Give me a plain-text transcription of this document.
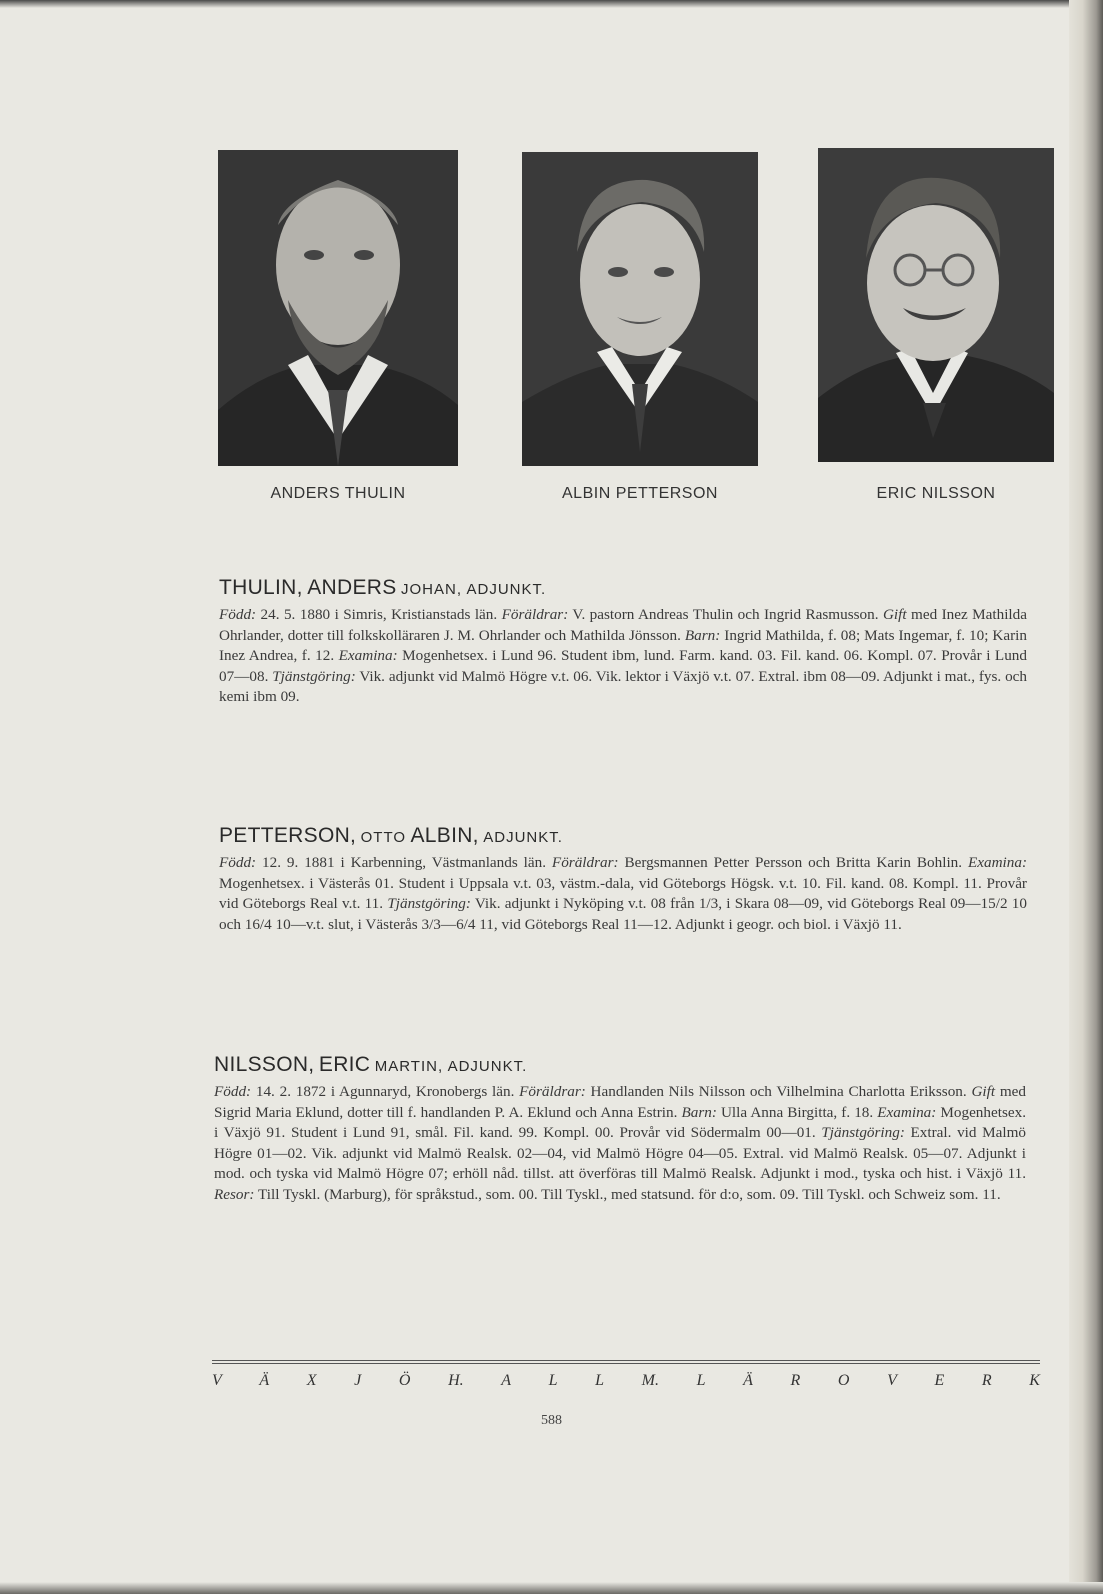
ANDERS THULIN	ALBIN PETTERSON	ERIC NILSSON
THULIN, ANDERS JOHAN, ADJUNKT.
Född: 24. 5. 1880 i Simris, Kristianstads län. Föräldrar: V. pastorn Andreas Thulin och Ingrid Rasmusson. Gift med Inez Mathilda Ohrlander, dotter till folkskolläraren J. M. Ohrlander och Mathilda Jönsson. Barn: Ingrid Mathilda, f. 08; Mats Ingemar, f. 10; Karin Inez Andrea, f. 12. Examina: Mogenhetsex. i Lund 96. Student ibm, lund. Farm. kand. 03. Fil. kand. 06. Kompl. 07. Provår i Lund 07—08. Tjänstgöring: Vik. adjunkt vid Malmö Högre v.t. 06. Vik. lektor i Växjö v.t. 07. Extral. ibm 08—09. Adjunkt i mat., fys. och kemi ibm 09.
PETTERSON, OTTO ALBIN, ADJUNKT.
Född: 12. 9. 1881 i Karbenning, Västmanlands län. Föräldrar: Bergsmannen Petter Persson och Britta Karin Bohlin. Examina: Mogenhetsex. i Västerås 01. Student i Uppsala v.t. 03, västm.-dala, vid Göteborgs Högsk. v.t. 10. Fil. kand. 08. Kompl. 11. Provår vid Göteborgs Real v.t. 11. Tjänstgöring: Vik. adjunkt i Nyköping v.t. 08 från 1/3, i Skara 08—09, vid Göteborgs Real 09—15/2 10 och 16/4 10—v.t. slut, i Västerås 3/3—6/4 11, vid Göteborgs Real 11—12. Adjunkt i geogr. och biol. i Växjö 11.
NILSSON, ERIC MARTIN, ADJUNKT.
Född: 14. 2. 1872 i Agunnaryd, Kronobergs län. Föräldrar: Handlanden Nils Nilsson och Vilhelmina Charlotta Eriksson. Gift med Sigrid Maria Eklund, dotter till f. handlanden P. A. Eklund och Anna Estrin. Barn: Ulla Anna Birgitta, f. 18. Examina: Mogenhetsex. i Växjö 91. Student i Lund 91, smål. Fil. kand. 99. Kompl. 00. Provår vid Södermalm 00—01. Tjänstgöring: Extral. vid Malmö Högre 01—02. Vik. adjunkt vid Malmö Realsk. 02—04, vid Malmö Högre 04—05. Extral. vid Malmö Realsk. 05—07. Adjunkt i mod. och tyska vid Malmö Högre 07; erhöll nåd. tillst. att överföras till Malmö Realsk. Adjunkt i mod., tyska och hist. i Växjö 11. Resor: Till Tyskl. (Marburg), för språkstud., som. 00. Till Tyskl., med statsund. för d:o, som. 09. Till Tyskl. och Schweiz som. 11.
V Ä X J Ö H. A L L M. L Ä R O V E R K
588
